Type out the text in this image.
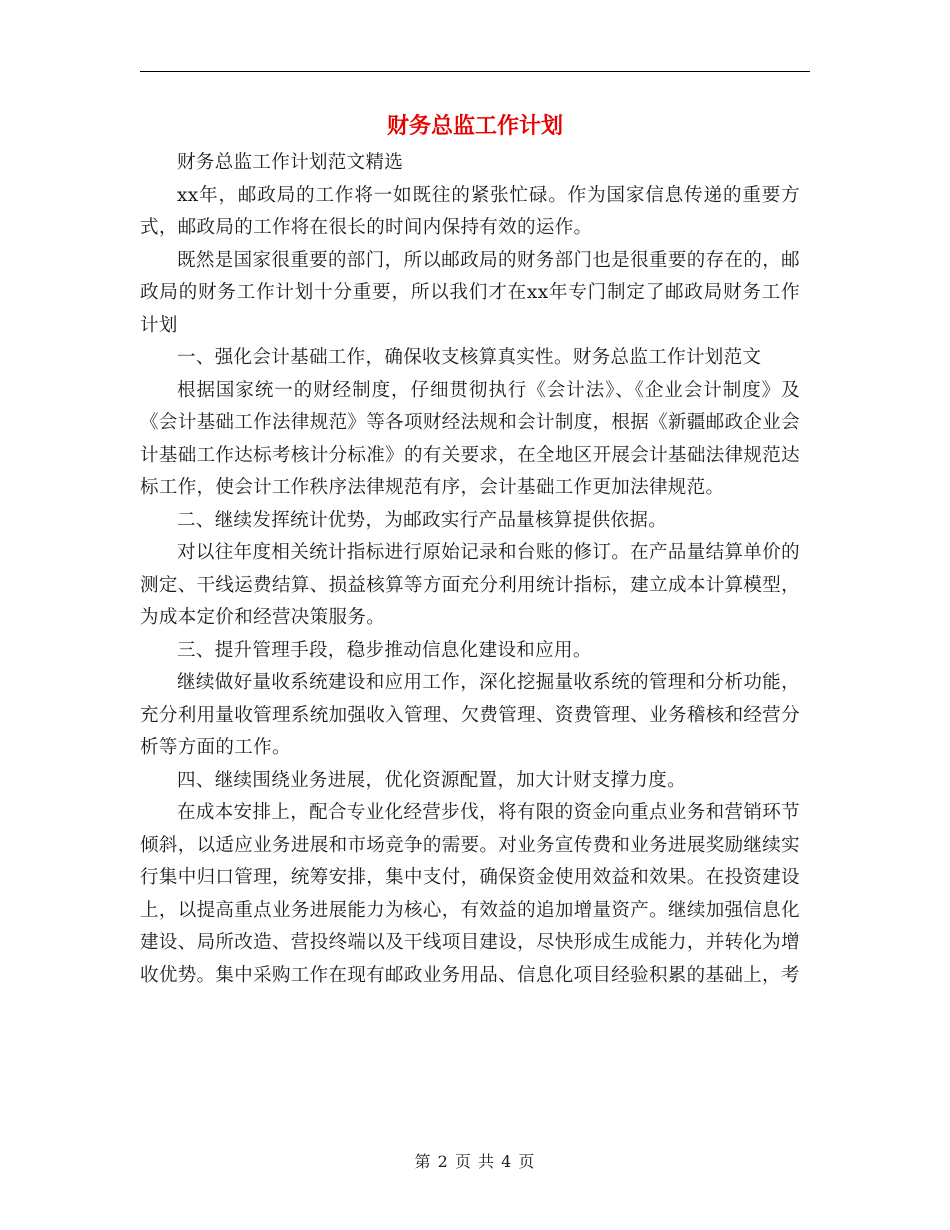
财务总监工作计划

财务总监工作计划范文精选

xx年，邮政局的工作将一如既往的紧张忙碌。作为国家信息传递的重要方式，邮政局的工作将在很长的时间内保持有效的运作。

既然是国家很重要的部门，所以邮政局的财务部门也是很重要的存在的，邮政局的财务工作计划十分重要，所以我们才在xx年专门制定了邮政局财务工作计划

一、强化会计基础工作，确保收支核算真实性。财务总监工作计划范文

根据国家统一的财经制度，仔细贯彻执行《会计法》、《企业会计制度》及《会计基础工作法律规范》等各项财经法规和会计制度，根据《新疆邮政企业会计基础工作达标考核计分标准》的有关要求，在全地区开展会计基础法律规范达标工作，使会计工作秩序法律规范有序，会计基础工作更加法律规范。

二、继续发挥统计优势，为邮政实行产品量核算提供依据。

对以往年度相关统计指标进行原始记录和台账的修订。在产品量结算单价的测定、干线运费结算、损益核算等方面充分利用统计指标，建立成本计算模型，为成本定价和经营决策服务。

三、提升管理手段，稳步推动信息化建设和应用。

继续做好量收系统建设和应用工作，深化挖掘量收系统的管理和分析功能，充分利用量收管理系统加强收入管理、欠费管理、资费管理、业务稽核和经营分析等方面的工作。

四、继续围绕业务进展，优化资源配置，加大计财支撑力度。

在成本安排上，配合专业化经营步伐，将有限的资金向重点业务和营销环节倾斜，以适应业务进展和市场竞争的需要。对业务宣传费和业务进展奖励继续实行集中归口管理，统筹安排，集中支付，确保资金使用效益和效果。在投资建设上，以提高重点业务进展能力为核心，有效益的追加增量资产。继续加强信息化建设、局所改造、营投终端以及干线项目建设，尽快形成生成能力，并转化为增收优势。集中采购工作在现有邮政业务用品、信息化项目经验积累的基础上，考

第 2 页 共 4 页
